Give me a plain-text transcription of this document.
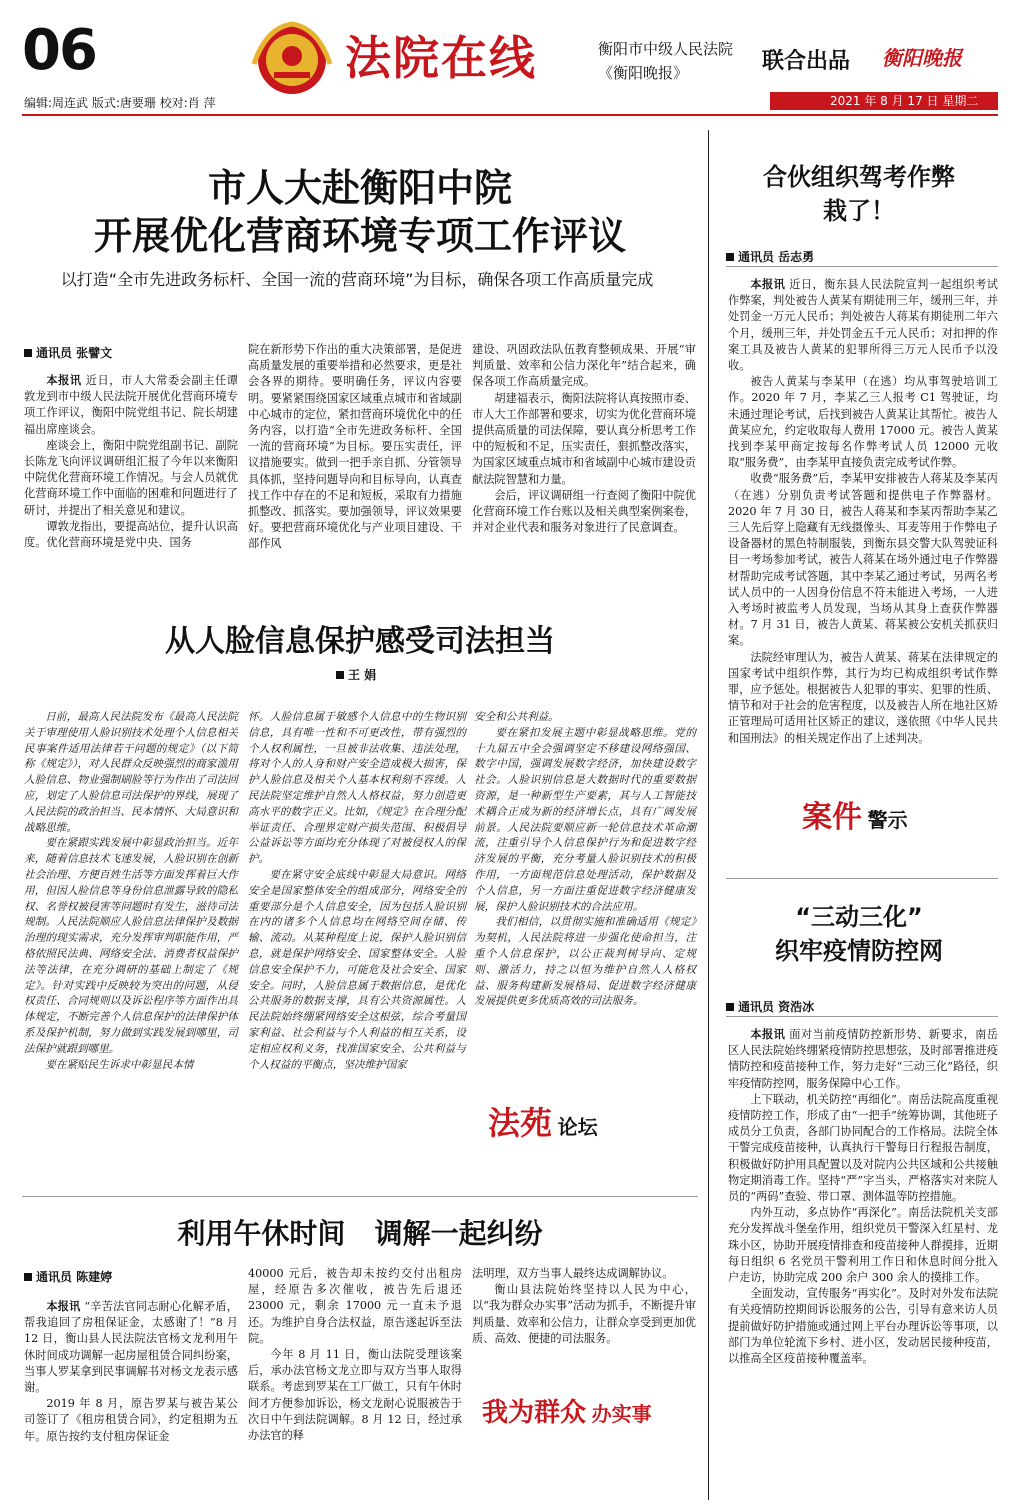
06	法院在线	衡阳市中级人民法院
《衡阳晚报》	联合出品 衡阳晚报
编辑:周连武 版式:唐要珊 校对:肖 萍	2021 年 8 月 17 日 星期二
市人大赴衡阳中院
开展优化营商环境专项工作评议
以打造“全市先进政务标杆、全国一流的营商环境”为目标，确保各项工作高质量完成
通讯员 张譬文

本报讯 近日，市人大常委会副主任谭敦龙到市中级人民法院开展优化营商环境专项工作评议，衡阳中院党组书记、院长胡建福出席座谈会。

座谈会上，衡阳中院党组副书记、副院长陈龙飞向评议调研组汇报了今年以来衡阳中院优化营商环境工作情况。与会人员就优化营商环境工作中面临的困难和问题进行了研讨，并提出了相关意见和建议。

谭敦龙指出，要提高站位，提升认识高度。优化营商环境是党中央、国务

院在新形势下作出的重大决策部署，是促进高质量发展的重要举措和必然要求，更是社会各界的期待。要明确任务，评议内容要明。要紧紧围绕国家区域重点城市和省域副中心城市的定位，紧扣营商环境优化中的任务内容，以打造“全市先进政务标杆、全国一流的营商环境”为目标。要压实责任，评议措施要实。做到一把手亲自抓、分管领导具体抓，坚持问题导向和目标导向，认真查找工作中存在的不足和短板，采取有力措施抓整改、抓落实。要加强领导，评议效果要好。要把营商环境优化与产业项目建设、干部作风

建设、巩固政法队伍教育整顿成果、开展“审判质量、效率和公信力深化年”结合起来，确保各项工作高质量完成。

胡建福表示，衡阳法院将认真按照市委、市人大工作部署和要求，切实为优化营商环境提供高质量的司法保障，要认真分析思考工作中的短板和不足，压实责任，狠抓整改落实，为国家区域重点城市和省域副中心城市建设贡献法院智慧和力量。

会后，评议调研组一行查阅了衡阳中院优化营商环境工作台账以及相关典型案例案卷，并对企业代表和服务对象进行了民意调查。

从人脸信息保护感受司法担当
王 娟

日前，最高人民法院发布《最高人民法院关于审理使用人脸识别技术处理个人信息相关民事案件适用法律若干问题的规定》（以下简称《规定》），对人民群众反映强烈的商家滥用人脸信息、物业强制刷脸等行为作出了司法回应，划定了人脸信息司法保护的界线，展现了人民法院的政治担当、民本情怀、大局意识和战略思维。

要在紧跟实践发展中彰显政治担当。近年来，随着信息技术飞速发展，人脸识别在创新社会治理、方便百姓生活等方面发挥着巨大作用，但因人脸信息等身份信息泄露导致的隐私权、名誉权被侵害等问题时有发生，滋待司法规制。人民法院顺应人脸信息法律保护及数据治理的现实需求，充分发挥审判职能作用，严格依照民法典、网络安全法、消费者权益保护法等法律，在充分调研的基础上制定了《规定》。针对实践中反映较为突出的问题，从侵权责任、合同规则以及诉讼程序等方面作出具体规定，不断完善个人信息保护的法律保护体系及保护机制，努力做到实践发展到哪里，司法保护就跟到哪里。

要在紧贴民生诉求中彰显民本情

怀。人脸信息属于敏感个人信息中的生物识别信息，具有唯一性和不可更改性，带有强烈的个人权利属性，一旦被非法收集、违法处理，将对个人的人身和财产安全造成极大损害，保护人脸信息及相关个人基本权利刻不容缓。人民法院坚定维护自然人人格权益，努力创造更高水平的数字正义。比如，《规定》在合理分配举证责任、合理界定财产损失范围、积极倡导公益诉讼等方面均充分体现了对被侵权人的保护。

要在紧守安全底线中彰显大局意识。网络安全是国家整体安全的组成部分，网络安全的重要部分是个人信息安全，因为包括人脸识别在内的诸多个人信息均在网络空间存储、传输、流动。从某种程度上说，保护人脸识别信息，就是保护网络安全、国家整体安全。人脸信息安全保护不力，可能危及社会安全、国家安全。同时，人脸信息属于数据信息，是优化公共服务的数据支撑，具有公共资源属性。人民法院始终绷紧网络安全这根弦，综合考量国家利益、社会利益与个人利益的相互关系，设定相应权利义务，找准国家安全、公共利益与个人权益的平衡点，坚决维护国家

安全和公共利益。

要在紧扣发展主题中彰显战略思维。党的十九届五中全会强调坚定不移建设网络强国、数字中国，强调发展数字经济，加快建设数字社会。人脸识别信息是大数据时代的重要数据资源，是一种新型生产要素，其与人工智能技术耦合正成为新的经济增长点，具有广阔发展前景。人民法院要顺应新一轮信息技术革命潮流，注重引导个人信息保护行为和促进数字经济发展的平衡，充分考量人脸识别技术的积极作用，一方面规范信息处理活动，保护数据及个人信息，另一方面注重促进数字经济健康发展，保护人脸识别技术的合法应用。

我们相信，以贯彻实施和准确适用《规定》为契机，人民法院将进一步强化使命担当，注重个人信息保护，以公正裁判树导向、定规则、激活力，持之以恒为维护自然人人格权益、服务构建新发展格局、促进数字经济健康发展提供更多优质高效的司法服务。

法苑 论坛
利用午休时间   调解一起纠纷
通讯员 陈建婷

本报讯 “辛苦法官同志耐心化解矛盾，帮我追回了房租保证金，太感谢了！”8 月 12 日，衡山县人民法院法官杨文龙利用午休时间成功调解一起房屋租赁合同纠纷案，当事人罗某拿到民事调解书对杨文龙表示感谢。

2019 年 8 月，原告罗某与被告某公司签订了《租房租赁合同》，约定租期为五年。原告按约支付租房保证金

40000 元后，被告却未按约交付出租房屋，经原告多次催收，被告先后退还 23000 元，剩余 17000 元一直未予退还。为维护自身合法权益，原告遂起诉至法院。

今年 8 月 11 日，衡山法院受理该案后，承办法官杨文龙立即与双方当事人取得联系。考虑到罗某在工厂做工，只有午休时间才方便参加诉讼，杨文龙耐心说服被告于次日中午到法院调解。8 月 12 日，经过承办法官的释

法明理，双方当事人最终达成调解协议。

衡山县法院始终坚持以人民为中心，以“我为群众办实事”活动为抓手，不断提升审判质量、效率和公信力，让群众享受到更加优质、高效、便捷的司法服务。

我为群众 办实事
合伙组织驾考作弊
栽了！
通讯员 岳志勇

本报讯 近日，衡东县人民法院宣判一起组织考试作弊案，判处被告人黄某有期徒刑三年，缓刑三年，并处罚金一万元人民币；判处被告人蒋某有期徒刑二年六个月，缓刑三年，并处罚金五千元人民币；对扣押的作案工具及被告人黄某的犯罪所得三万元人民币予以没收。

被告人黄某与李某甲（在逃）均从事驾驶培训工作。2020 年 7 月，李某乙三人报考 C1 驾驶证，均未通过理论考试，后找到被告人黄某让其帮忙。被告人黄某应允，约定收取每人费用 17000 元。被告人黄某找到李某甲商定按每名作弊考试人员 12000 元收取“服务费”，由李某甲直接负责完成考试作弊。

收费“服务费”后，李某甲安排被告人蒋某及李某丙（在逃）分别负责考试答题和提供电子作弊器材。2020 年 7 月 30 日，被告人蒋某和李某丙帮助李某乙三人先后穿上隐藏有无线摄像头、耳麦等用于作弊电子设备器材的黑色特制服装，到衡东县交警大队驾驶证科目一考场参加考试，被告人蒋某在场外通过电子作弊器材帮助完成考试答题，其中李某乙通过考试，另两名考试人员中的一人因身份信息不符未能进入考场，一人进入考场时被监考人员发现，当场从其身上查获作弊器材。7 月 31 日，被告人黄某、蒋某被公安机关抓获归案。

法院经审理认为，被告人黄某、蒋某在法律规定的国家考试中组织作弊，其行为均已构成组织考试作弊罪，应予惩处。根据被告人犯罪的事实、犯罪的性质、情节和对于社会的危害程度，以及被告人所在地社区矫正管理局可适用社区矫正的建议，遂依照《中华人民共和国刑法》的相关规定作出了上述判决。

案件 警示
“三动三化”
织牢疫情防控网
通讯员 资浩冰

本报讯 面对当前疫情防控新形势、新要求，南岳区人民法院始终绷紧疫情防控思想弦，及时部署推进疫情防控和疫苗接种工作，努力走好“三动三化”路径，织牢疫情防控网，服务保障中心工作。

上下联动，机关防控“再细化”。南岳法院高度重视疫情防控工作，形成了由“一把手”统筹协调，其他班子成员分工负责，各部门协同配合的工作格局。法院全体干警完成疫苗接种，认真执行干警每日行程报告制度，积极做好防护用具配置以及对院内公共区域和公共接触物定期消毒工作。坚持“严”字当头，严格落实对来院人员的“两码”查验、带口罩、测体温等防控措施。

内外互动，多点协作“再深化”。南岳法院机关支部充分发挥战斗堡垒作用，组织党员干警深入红星村、龙珠小区，协助开展疫情排查和疫苗接种人群摸排，近期每日组织 6 名党员干警利用工作日和休息时间分批入户走访，协助完成 200 余户 300 余人的摸排工作。

全面发动，宣传服务“再实化”。及时对外发布法院有关疫情防控期间诉讼服务的公告，引导有意来访人员提前做好防护措施或通过网上平台办理诉讼等事项，以部门为单位轮流下乡村、进小区，发动居民接种疫苗，以推高全区疫苗接种覆盖率。
